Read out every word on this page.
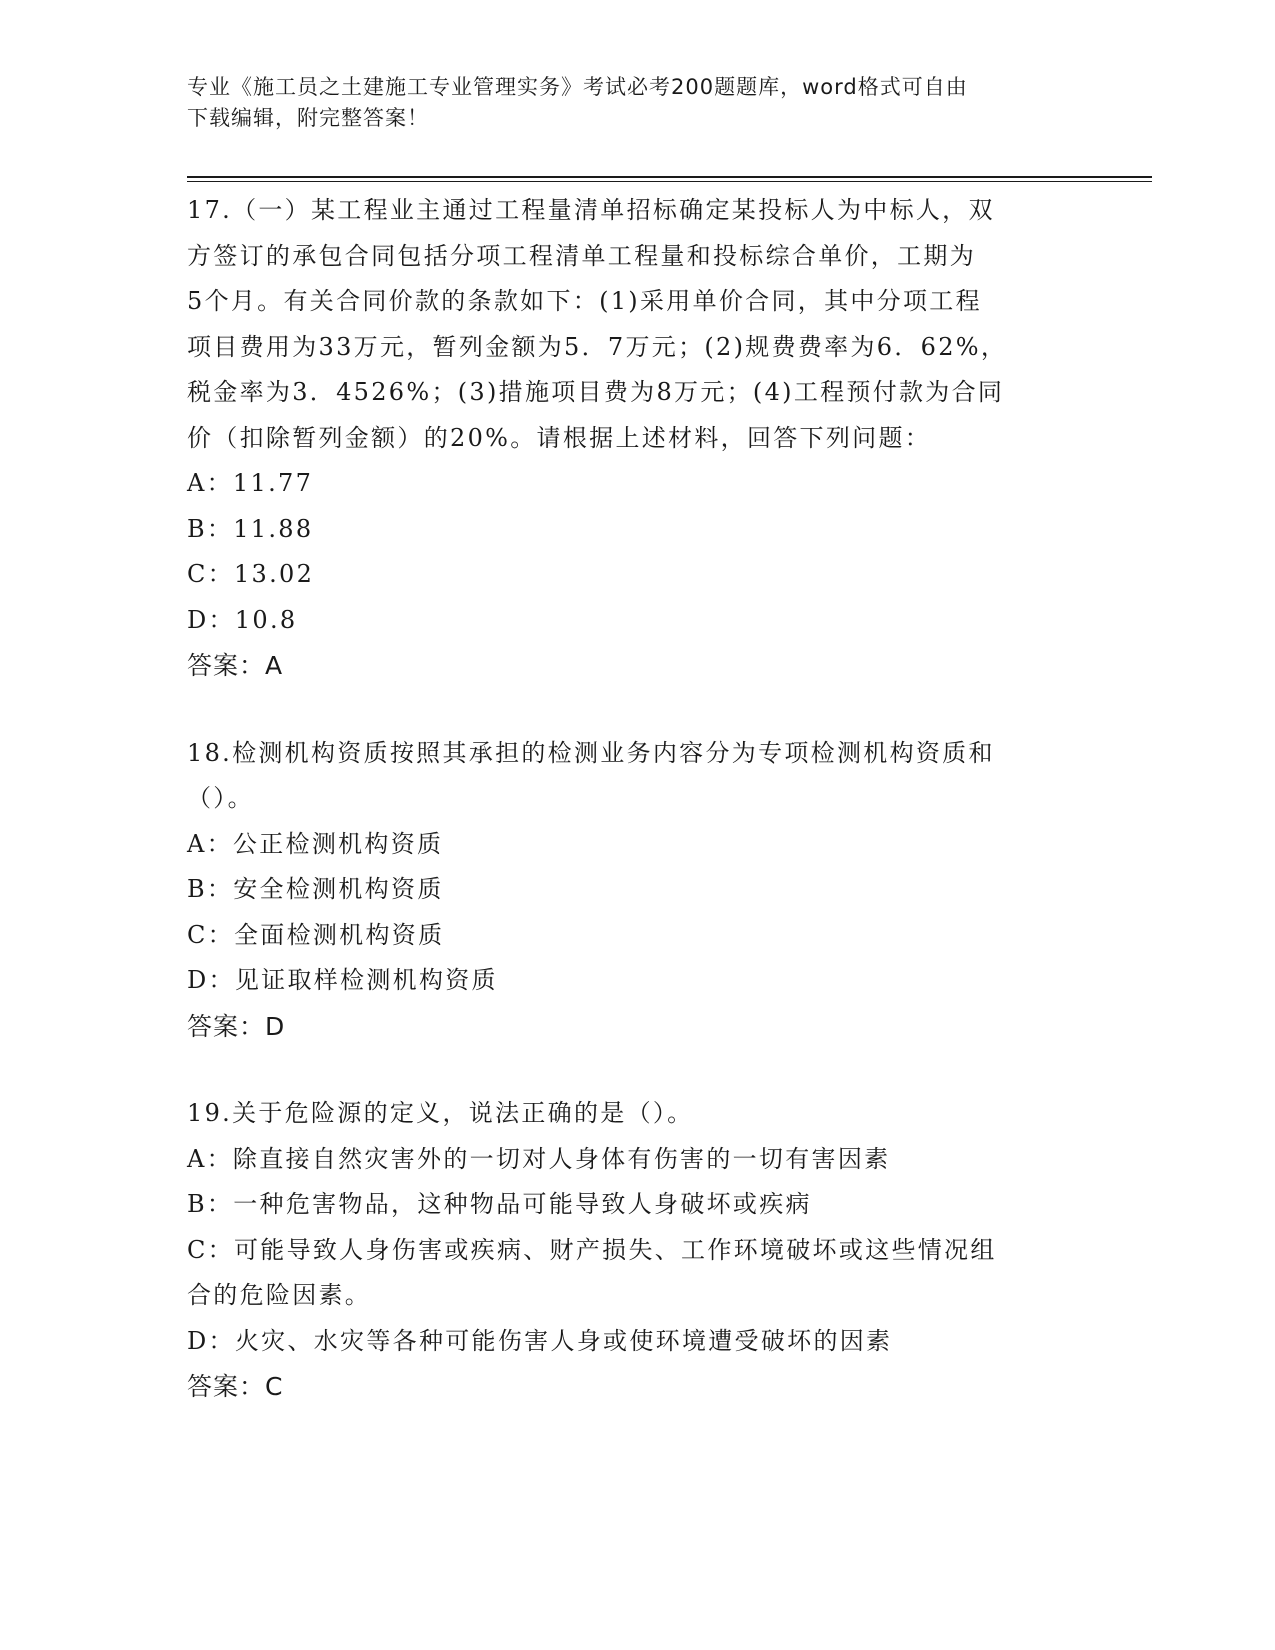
专业《施工员之土建施工专业管理实务》考试必考200题题库，word格式可自由
下载编辑，附完整答案！

17.（一）某工程业主通过工程量清单招标确定某投标人为中标人，双

方签订的承包合同包括分项工程清单工程量和投标综合单价，工期为

5个月。有关合同价款的条款如下：(1)采用单价合同，其中分项工程

项目费用为33万元，暂列金额为5．7万元；(2)规费费率为6．62%，

税金率为3．4526%；(3)措施项目费为8万元；(4)工程预付款为合同

价（扣除暂列金额）的20%。请根据上述材料，回答下列问题：

A：11.77

B：11.88

C：13.02

D：10.8

答案：A

18.检测机构资质按照其承担的检测业务内容分为专项检测机构资质和

（）。

A：公正检测机构资质

B：安全检测机构资质

C：全面检测机构资质

D：见证取样检测机构资质

答案：D

19.关于危险源的定义，说法正确的是（）。

A：除直接自然灾害外的一切对人身体有伤害的一切有害因素

B：一种危害物品，这种物品可能导致人身破坏或疾病

C：可能导致人身伤害或疾病、财产损失、工作环境破坏或这些情况组

合的危险因素。

D：火灾、水灾等各种可能伤害人身或使环境遭受破坏的因素

答案：C
